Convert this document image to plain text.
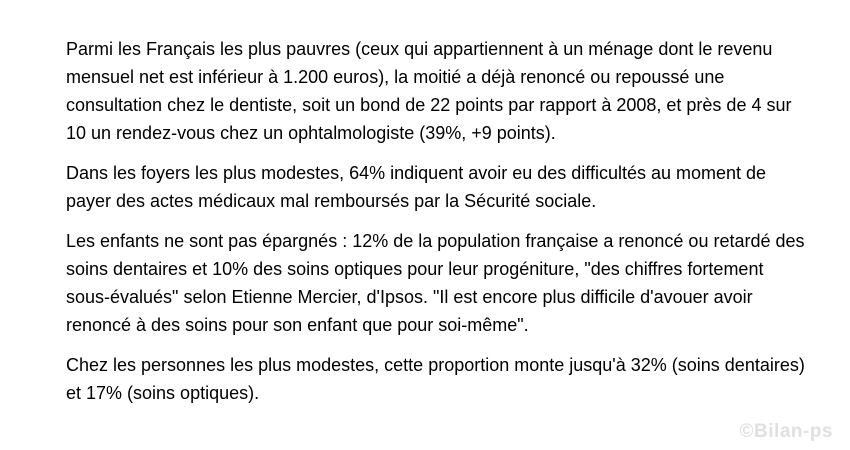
Parmi les Français les plus pauvres (ceux qui appartiennent à un ménage dont le revenu mensuel net est inférieur à 1.200 euros), la moitié a déjà renoncé ou repoussé une consultation chez le dentiste, soit un bond de 22 points par rapport à 2008, et près de 4 sur 10 un rendez-vous chez un ophtalmologiste (39%, +9 points).

Dans les foyers les plus modestes, 64% indiquent avoir eu des difficultés au moment de payer des actes médicaux mal remboursés par la Sécurité sociale.

Les enfants ne sont pas épargnés : 12% de la population française a renoncé ou retardé des soins dentaires et 10% des soins optiques pour leur progéniture, "des chiffres fortement sous-évalués" selon Etienne Mercier, d'Ipsos. "Il est encore plus difficile d'avouer avoir renoncé à des soins pour son enfant que pour soi-même".

Chez les personnes les plus modestes, cette proportion monte jusqu'à 32% (soins dentaires) et 17% (soins optiques).

©Bilan-ps
